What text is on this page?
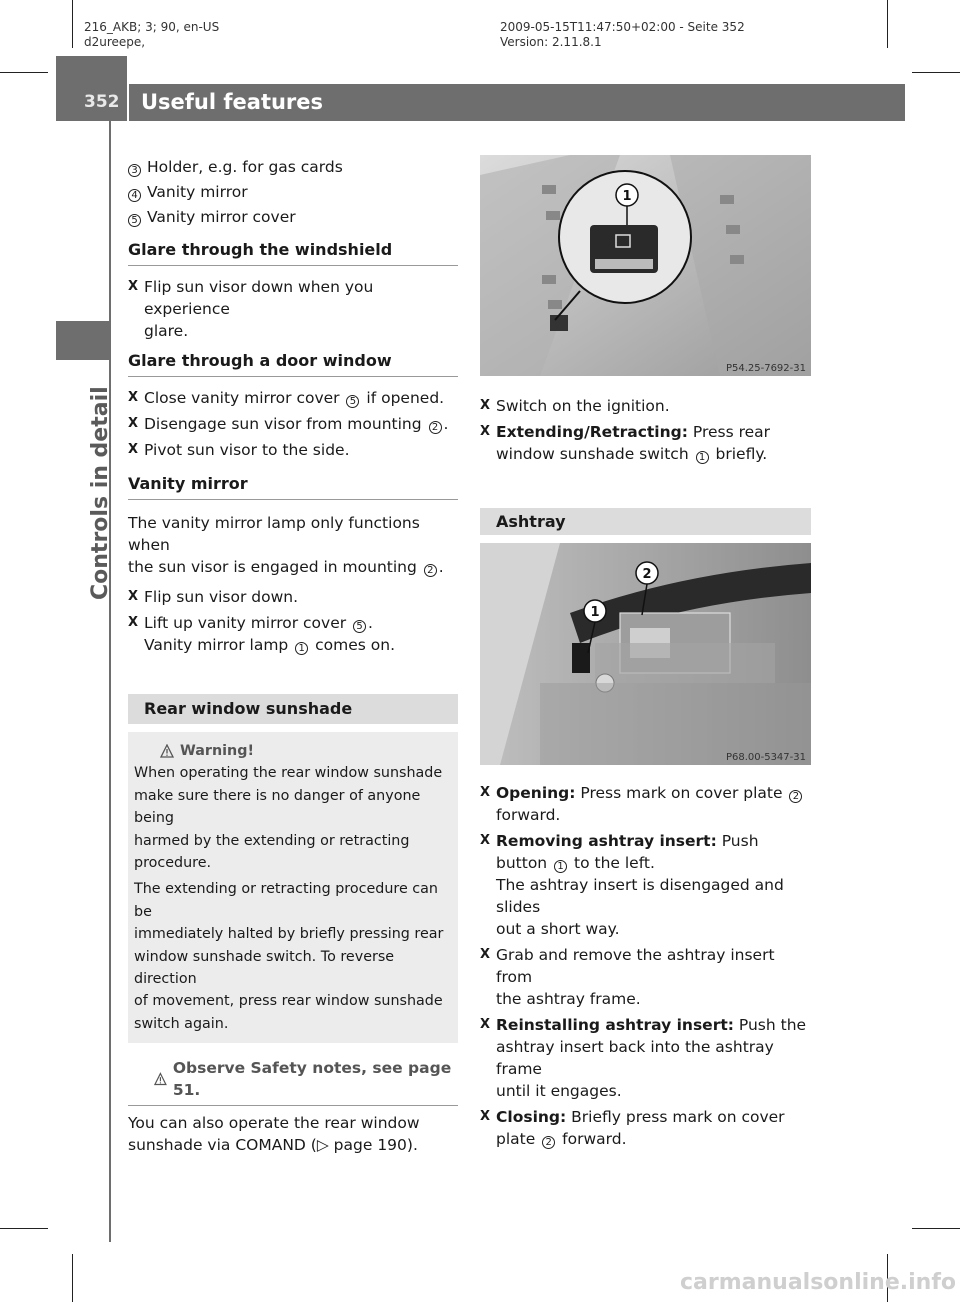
216_AKB; 3; 90, en-US
d2ureepe,
2009-05-15T11:47:50+02:00 - Seite 352
Version: 2.11.8.1
352	Useful features
Controls in detail
3 Holder, e.g. for gas cards
4 Vanity mirror
5 Vanity mirror cover
Glare through the windshield
X Flip sun visor down when you experience
glare.
Glare through a door window
X Close vanity mirror cover 5 if opened.
X Disengage sun visor from mounting 2 .
X Pivot sun visor to the side.
Vanity mirror
The vanity mirror lamp only functions when
the sun visor is engaged in mounting 2 .
X Flip sun visor down.
X Lift up vanity mirror cover 5 .
Vanity mirror lamp 1 comes on.
Rear window sunshade
Warning!
When operating the rear window sunshade
make sure there is no danger of anyone being
harmed by the extending or retracting
procedure.
The extending or retracting procedure can be
immediately halted by briefly pressing rear
window sunshade switch. To reverse direction
of movement, press rear window sunshade
switch again.
Observe Safety notes, see page 51.
You can also operate the rear window
sunshade via COMAND (▷ page 190).
1
P54.25-7692-31
X Switch on the ignition.
X Extending/Retracting: Press rear
window sunshade switch 1 briefly.
Ashtray
1
2
P68.00-5347-31
X Opening: Press mark on cover plate 2
forward.
X Removing ashtray insert: Push
button 1 to the left.
The ashtray insert is disengaged and slides
out a short way.
X Grab and remove the ashtray insert from
the ashtray frame.
X Reinstalling ashtray insert: Push the
ashtray insert back into the ashtray frame
until it engages.
X Closing: Briefly press mark on cover
plate 2 forward.
carmanualsonline.info
